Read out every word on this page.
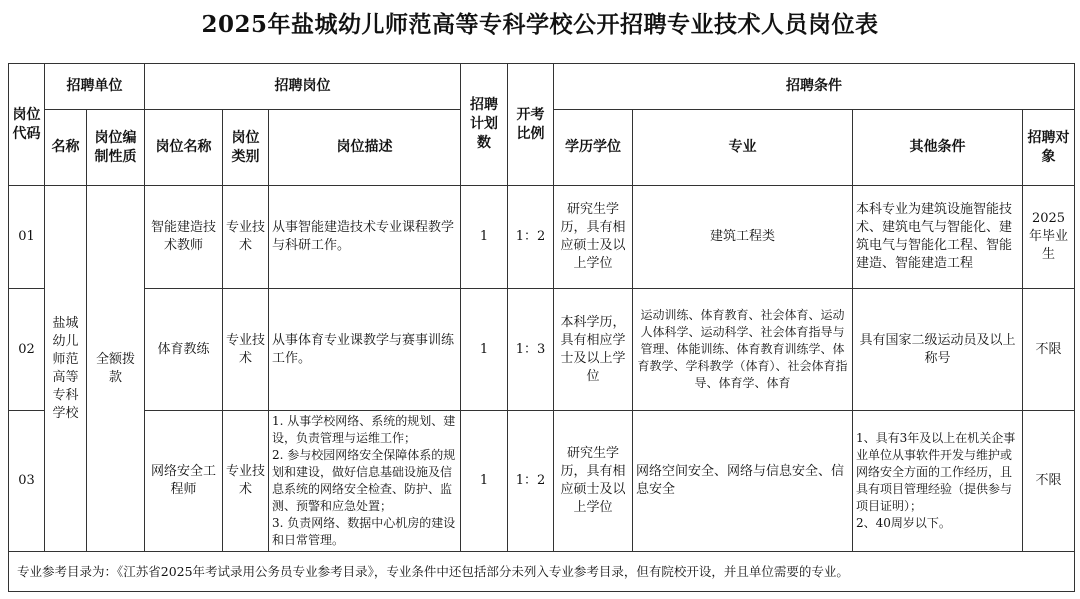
2025年盐城幼儿师范高等专科学校公开招聘专业技术人员岗位表
岗位代码	招聘单位		招聘岗位			招聘计划数	开考比例	招聘条件			
	名称	岗位编制性质	岗位名称	岗位类别	岗位描述			学历学位	专业	其他条件	招聘对象
01	盐城幼儿师范高等专科学校	全额拨款	智能建造技术教师	专业技术	从事智能建造技术专业课程教学与科研工作。	1	1：2	研究生学历，具有相应硕士及以上学位	建筑工程类	本科专业为建筑设施智能技术、建筑电气与智能化、建筑电气与智能化工程、智能建造、智能建造工程	2025年毕业生
02			体育教练	专业技术	从事体育专业课教学与赛事训练工作。	1	1：3	本科学历，具有相应学士及以上学位	运动训练、体育教育、社会体育、运动人体科学、运动科学、社会体育指导与管理、体能训练、体育教育训练学、体育教学、学科教学（体育）、社会体育指导、体育学、体育	具有国家二级运动员及以上称号	不限
03			网络安全工程师	专业技术	1. 从事学校网络、系统的规划、建设，负责管理与运维工作；
2. 参与校园网络安全保障体系的规划和建设，做好信息基础设施及信息系统的网络安全检查、防护、监测、预警和应急处置；
3. 负责网络、数据中心机房的建设和日常管理。	1	1：2	研究生学历，具有相应硕士及以上学位	网络空间安全、网络与信息安全、信息安全	1、具有3年及以上在机关企事业单位从事软件开发与维护或网络安全方面的工作经历，且具有项目管理经验（提供参与项目证明）；
2、40周岁以下。	不限
专业参考目录为：《江苏省2025年考试录用公务员专业参考目录》，专业条件中还包括部分未列入专业参考目录，但有院校开设，并且单位需要的专业。											
